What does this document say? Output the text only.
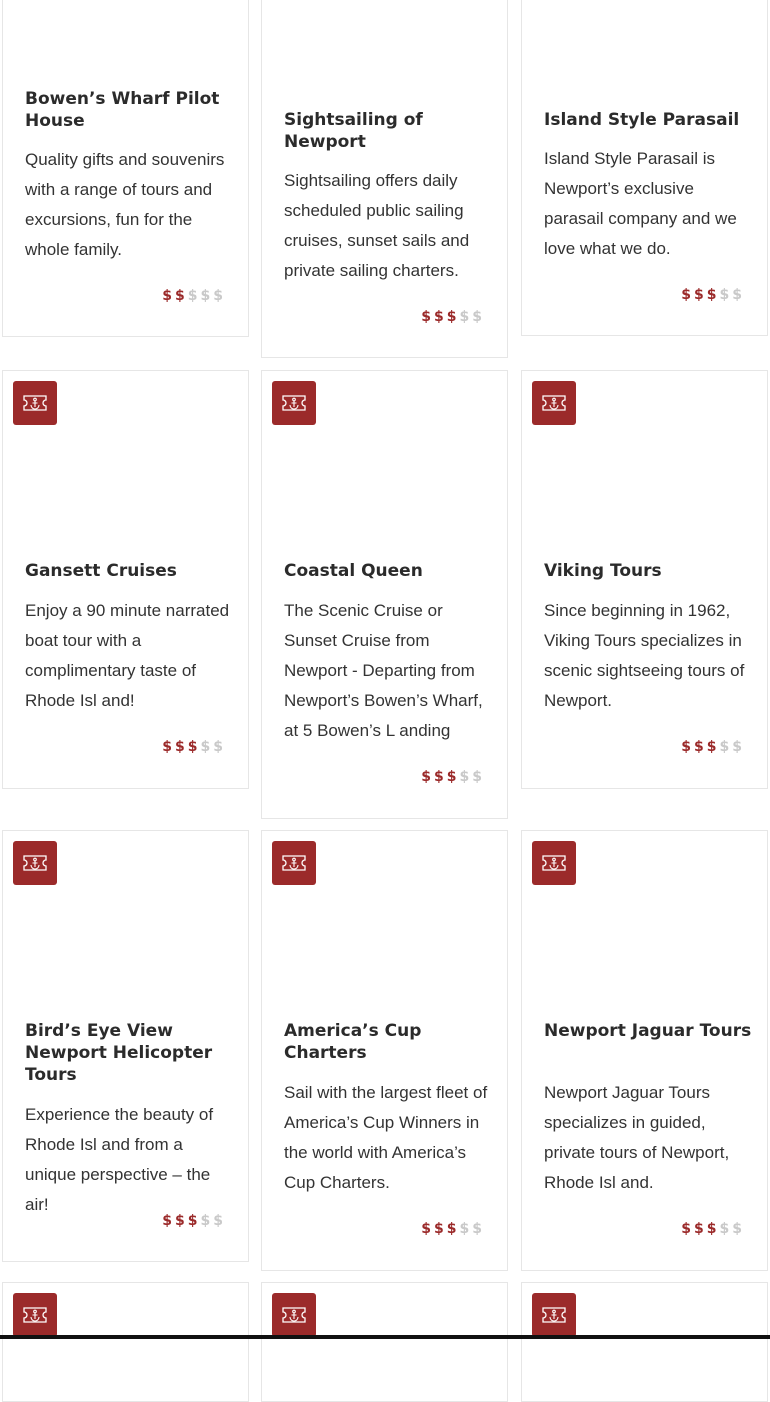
Bowen’s Wharf Pilot House

Quality gifts and souvenirs with a range of tours and excursions, fun for the whole family.

$$$$$
Sightsailing of Newport

Sightsailing offers daily scheduled public sailing cruises, sunset sails and private sailing charters.

$$$$$
Island Style Parasail

Island Style Parasail is Newport’s exclusive parasail company and we love what we do.

$$$$$
Gansett Cruises

Enjoy a 90 minute narrated boat tour with a complimentary taste of Rhode Isl and!

$$$$$
Coastal Queen

The Scenic Cruise or Sunset Cruise from Newport - Departing from Newport’s Bowen’s Wharf, at 5 Bowen’s L anding

$$$$$
Viking Tours

Since beginning in 1962, Viking Tours specializes in scenic sightseeing tours of Newport.

$$$$$
Bird’s Eye View Newport Helicopter Tours

Experience the beauty of Rhode Isl and from a unique perspective – the air!

$$$$$
America’s Cup Charters

Sail with the largest fleet of America’s Cup Winners in the world with America’s Cup Charters.

$$$$$
Newport Jaguar Tours

Newport Jaguar Tours specializes in guided, private tours of Newport, Rhode Isl and.

$$$$$
